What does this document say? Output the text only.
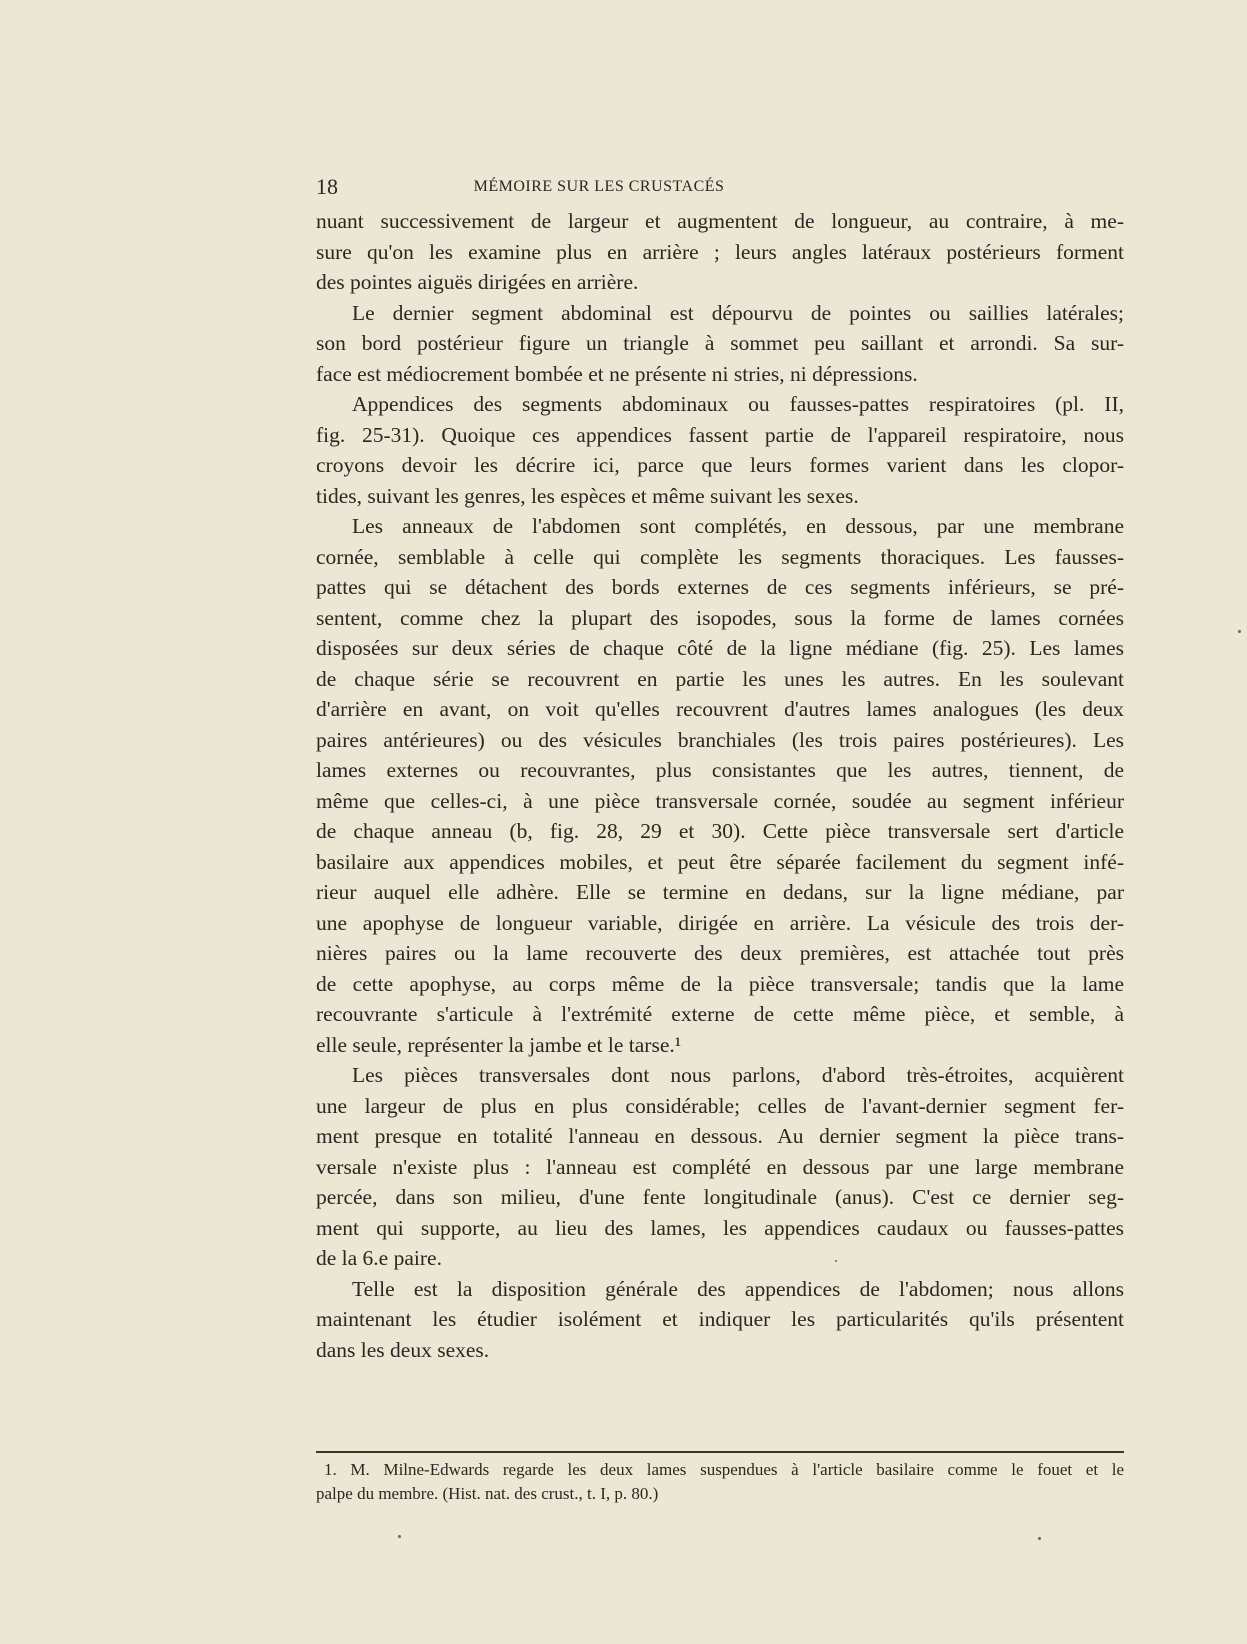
18	MÉMOIRE SUR LES CRUSTACÉS
nuant successivement de largeur et augmentent de longueur, au contraire, à me-
sure qu'on les examine plus en arrière ; leurs angles latéraux postérieurs forment
des pointes aiguës dirigées en arrière.
Le dernier segment abdominal est dépourvu de pointes ou saillies latérales;
son bord postérieur figure un triangle à sommet peu saillant et arrondi. Sa sur-
face est médiocrement bombée et ne présente ni stries, ni dépressions.
Appendices des segments abdominaux ou fausses-pattes respiratoires (pl. II,
fig. 25-31). Quoique ces appendices fassent partie de l'appareil respiratoire, nous
croyons devoir les décrire ici, parce que leurs formes varient dans les clopor-
tides, suivant les genres, les espèces et même suivant les sexes.
Les anneaux de l'abdomen sont complétés, en dessous, par une membrane
cornée, semblable à celle qui complète les segments thoraciques. Les fausses-
pattes qui se détachent des bords externes de ces segments inférieurs, se pré-
sentent, comme chez la plupart des isopodes, sous la forme de lames cornées
disposées sur deux séries de chaque côté de la ligne médiane (fig. 25). Les lames
de chaque série se recouvrent en partie les unes les autres. En les soulevant
d'arrière en avant, on voit qu'elles recouvrent d'autres lames analogues (les deux
paires antérieures) ou des vésicules branchiales (les trois paires postérieures). Les
lames externes ou recouvrantes, plus consistantes que les autres, tiennent, de
même que celles-ci, à une pièce transversale cornée, soudée au segment inférieur
de chaque anneau (b, fig. 28, 29 et 30). Cette pièce transversale sert d'article
basilaire aux appendices mobiles, et peut être séparée facilement du segment infé-
rieur auquel elle adhère. Elle se termine en dedans, sur la ligne médiane, par
une apophyse de longueur variable, dirigée en arrière. La vésicule des trois der-
nières paires ou la lame recouverte des deux premières, est attachée tout près
de cette apophyse, au corps même de la pièce transversale; tandis que la lame
recouvrante s'articule à l'extrémité externe de cette même pièce, et semble, à
elle seule, représenter la jambe et le tarse.¹
Les pièces transversales dont nous parlons, d'abord très-étroites, acquièrent
une largeur de plus en plus considérable; celles de l'avant-dernier segment fer-
ment presque en totalité l'anneau en dessous. Au dernier segment la pièce trans-
versale n'existe plus : l'anneau est complété en dessous par une large membrane
percée, dans son milieu, d'une fente longitudinale (anus). C'est ce dernier seg-
ment qui supporte, au lieu des lames, les appendices caudaux ou fausses-pattes
de la 6.e paire.
Telle est la disposition générale des appendices de l'abdomen; nous allons
maintenant les étudier isolément et indiquer les particularités qu'ils présentent
dans les deux sexes.
1. M. Milne-Edwards regarde les deux lames suspendues à l'article basilaire comme le fouet et le
palpe du membre. (Hist. nat. des crust., t. I, p. 80.)
